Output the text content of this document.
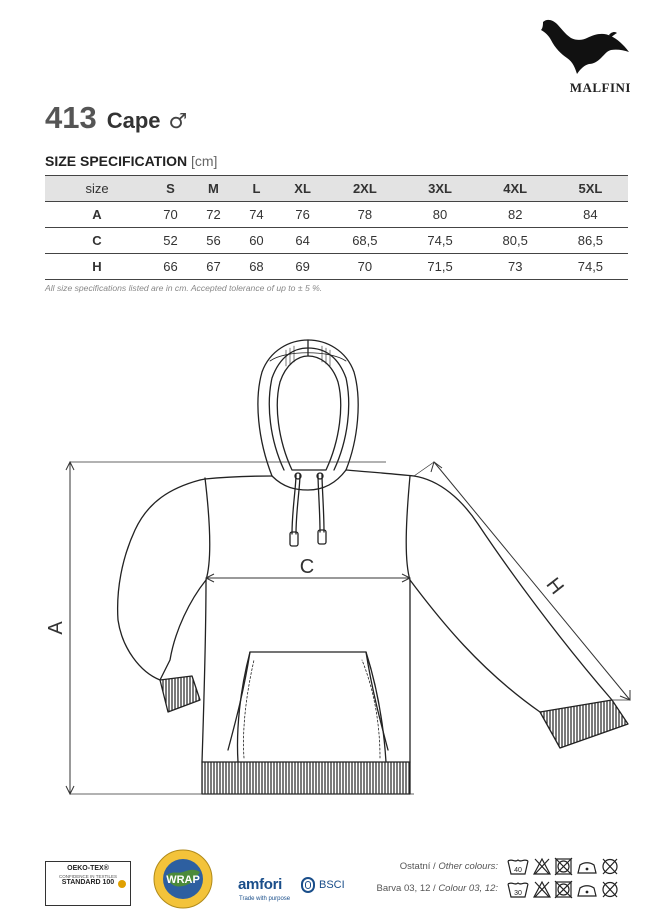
MALFINI
413 Cape ♂
SIZE SPECIFICATION [cm]
size	S	M	L	XL	2XL	3XL	4XL	5XL
A	70	72	74	76	78	80	82	84
C	52	56	60	64	68,5	74,5	80,5	86,5
H	66	67	68	69	70	71,5	73	74,5
All size specifications listed are in cm. Accepted tolerance of up to ± 5 %.
A
C
H
OEKO-TEX®
CONFIDENCE IN TEXTILES
STANDARD 100	WRAP	amfori	BSCI
Trade with purpose
Ostatní / Other colours:
Barva 03, 12 / Colour 03, 12:
40
30
